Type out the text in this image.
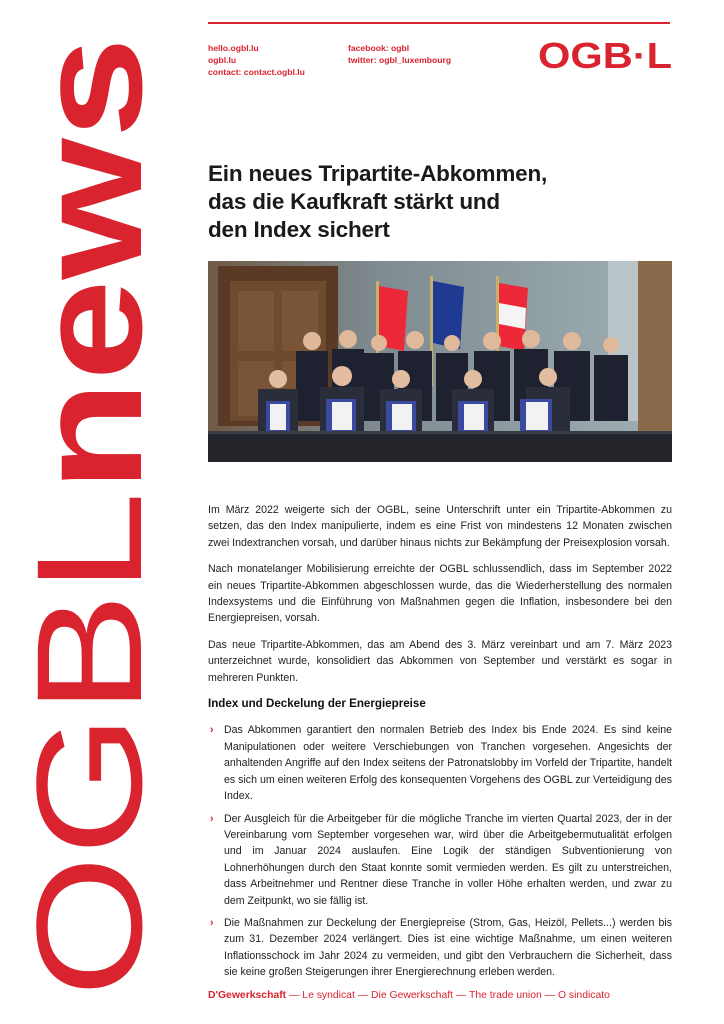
OGBLnews
hello.ogbl.lu
ogbl.lu
contact: contact.ogbl.lu
facebook: ogbl
twitter: ogbl_luxembourg OGB·L
Ein neues Tripartite-Abkommen,
das die Kaufkraft stärkt und
den Index sichert

Im März 2022 weigerte sich der OGBL, seine Unterschrift unter ein Tripartite-Abkommen zu setzen, das den Index manipulierte, indem es eine Frist von mindestens 12 Monaten zwischen zwei Indextranchen vorsah, und darüber hinaus nichts zur Bekämpfung der Preisexplosion vorsah.

Nach monatelanger Mobilisierung erreichte der OGBL schlussendlich, dass im September 2022 ein neues Tripartite-Abkommen abgeschlossen wurde, das die Wiederherstellung des normalen Indexsystems und die Einführung von Maßnahmen gegen die Inflation, insbesondere bei den Energiepreisen, vorsah.

Das neue Tripartite-Abkommen, das am Abend des 3. März vereinbart und am 7. März 2023 unterzeichnet wurde, konsolidiert das Abkommen von September und verstärkt es sogar in mehreren Punkten.

Index und Deckelung der Energiepreise
› Das Abkommen garantiert den normalen Betrieb des Index bis Ende 2024. Es sind keine Manipulationen oder weitere Verschiebungen von Tranchen vorgesehen. Angesichts der anhaltenden Angriffe auf den Index seitens der Patronatslobby im Vorfeld der Tripartite, handelt es sich um einen weiteren Erfolg des konsequenten Vorgehens des OGBL zur Verteidigung des Index.
› Der Ausgleich für die Arbeitgeber für die mögliche Tranche im vierten Quartal 2023, der in der Vereinbarung vom September vorgesehen war, wird über die Arbeitgebermutualität erfolgen und im Januar 2024 auslaufen. Eine Logik der ständigen Subventionierung von Lohnerhöhungen durch den Staat konnte somit vermieden werden. Es gilt zu unterstreichen, dass Arbeitnehmer und Rentner diese Tranche in voller Höhe erhalten werden, und zwar zu dem Zeitpunkt, wo sie fällig ist.
› Die Maßnahmen zur Deckelung der Energiepreise (Strom, Gas, Heizöl, Pellets...) werden bis zum 31. Dezember 2024 verlängert. Dies ist eine wichtige Maßnahme, um einen weiteren Inflationsschock im Jahr 2024 zu vermeiden, und gibt den Verbrauchern die Sicherheit, dass sie keine großen Steigerungen ihrer Energierechnung erleben werden.
D'Gewerkschaft — Le syndicat — Die Gewerkschaft — The trade union — O sindicato
